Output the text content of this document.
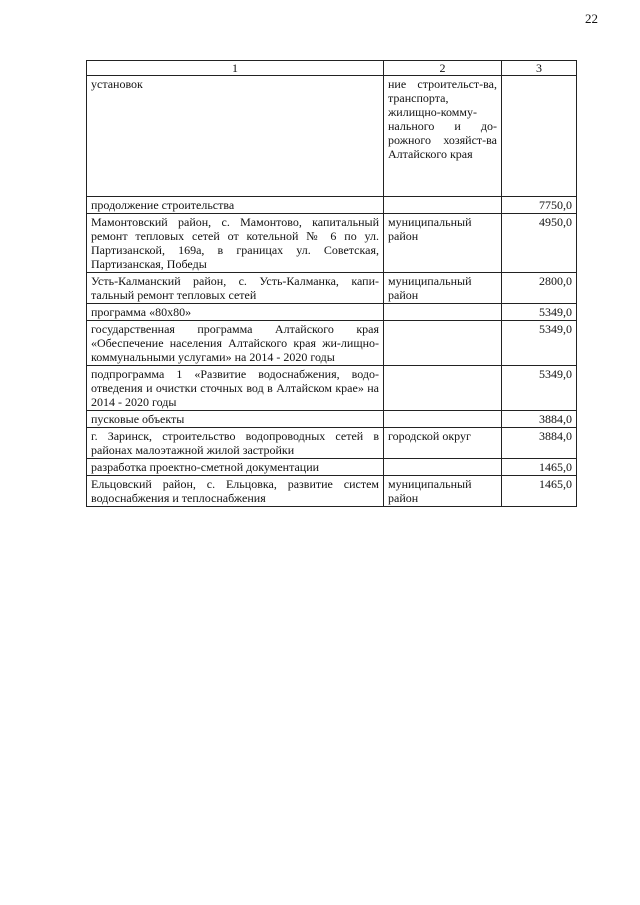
22
1	2	3
установок	ние строительст-ва, транспорта, жилищно-комму-нального и до-рожного хозяйст-ва Алтайского края	
продолжение строительства		7750,0
Мамонтовский район, с. Мамонтово, капитальный ремонт тепловых сетей от котельной № 6 по ул. Партизанской, 169а, в границах ул. Советская, Партизанская, Победы	муниципальный район	4950,0
Усть-Калманский район, с. Усть-Калманка, капи-тальный ремонт тепловых сетей	муниципальный район	2800,0
программа «80x80»		5349,0
государственная программа Алтайского края «Обеспечение населения Алтайского края жи-лищно-коммунальными услугами» на 2014 - 2020 годы		5349,0
подпрограмма 1 «Развитие водоснабжения, водо-отведения и очистки сточных вод в Алтайском крае» на 2014 - 2020 годы		5349,0
пусковые объекты		3884,0
г. Заринск, строительство водопроводных сетей в районах малоэтажной жилой застройки	городской округ	3884,0
разработка проектно-сметной документации		1465,0
Ельцовский район, с. Ельцовка, развитие систем водоснабжения и теплоснабжения	муниципальный район	1465,0
